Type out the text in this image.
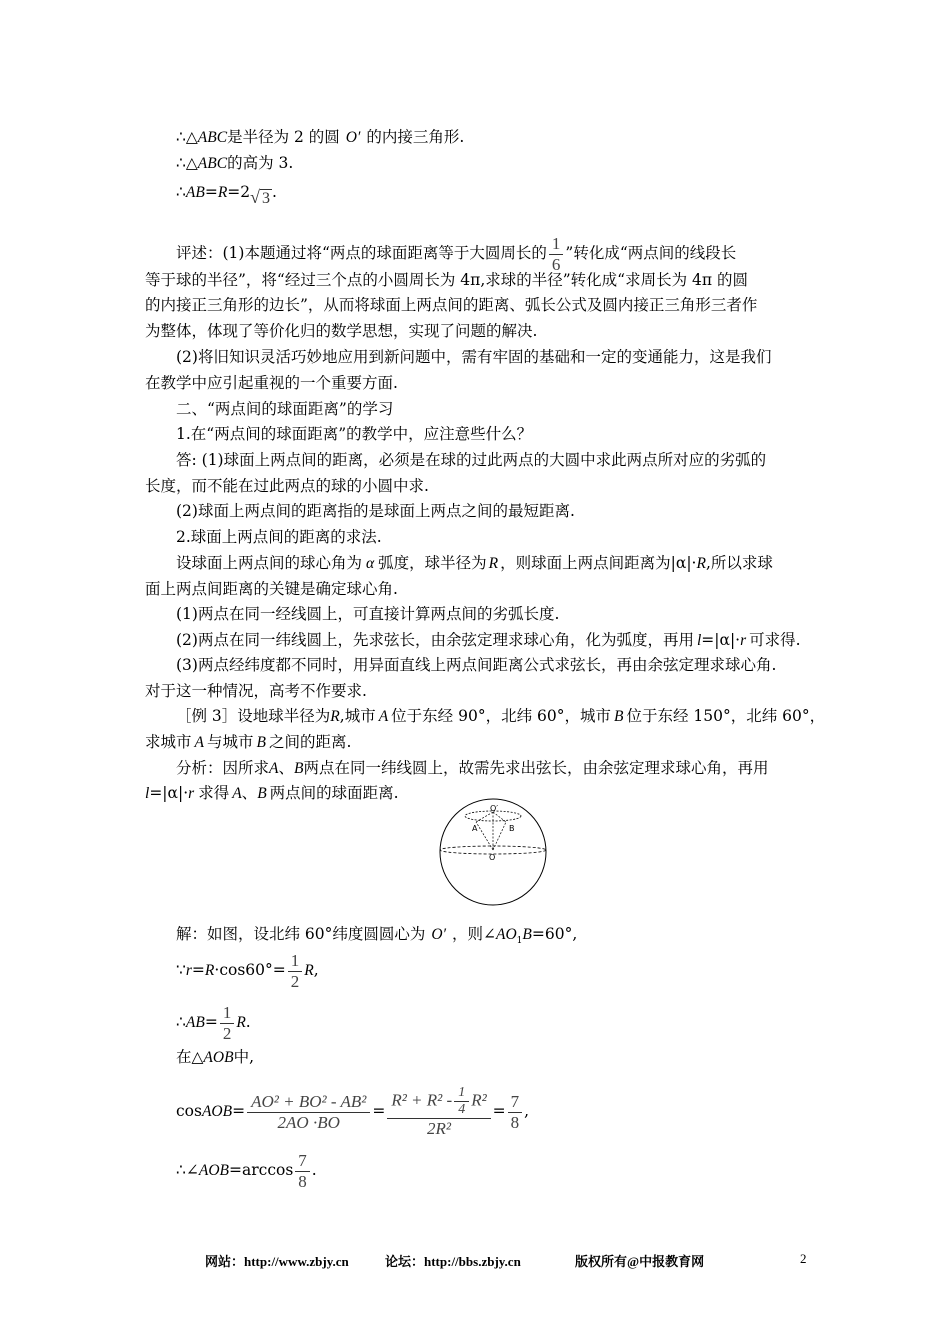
∴△ABC是半径为 2 的圆 O′ 的内接三角形.
∴△ABC的高为 3.
∴AB=R=2√ 3 .
评述：(1)本题通过将“两点的球面距离等于大圆周长的 $\frac{1}{6}$ ”转化成“两点间的线段长
等于球的半径”，将“经过三个点的小圆周长为 4π,求球的半径”转化成“求周长为 4π 的圆
的内接正三角形的边长”，从而将球面上两点间的距离、弧长公式及圆内接正三角形三者作
为整体，体现了等价化归的数学思想，实现了问题的解决.
(2)将旧知识灵活巧妙地应用到新问题中，需有牢固的基础和一定的变通能力，这是我们
在教学中应引起重视的一个重要方面.
二、“两点间的球面距离”的学习
1.在“两点间的球面距离”的教学中，应注意些什么？
答: (1)球面上两点间的距离，必须是在球的过此两点的大圆中求此两点所对应的劣弧的
长度，而不能在过此两点的球的小圆中求.
(2)球面上两点间的距离指的是球面上两点之间的最短距离.
2.球面上两点间的距离的求法.
设球面上两点间的球心角为 α 弧度，球半径为 R ，则球面上两点间距离为|α|·R,所以求球
面上两点间距离的关键是确定球心角.
(1)两点在同一经线圆上，可直接计算两点间的劣弧长度.
(2)两点在同一纬线圆上，先求弦长，由余弦定理求球心角，化为弧度，再用 l=|α|·r 可求得.
(3)两点经纬度都不同时，用异面直线上两点间距离公式求弦长，再由余弦定理求球心角.
对于这一种情况，高考不作要求.
［例 3］设地球半径为R,城市 A 位于东经 90°，北纬 60°，城市 B 位于东经 150°，北纬 60°，
求城市 A 与城市 B 之间的距离.
分析：因所求A、B两点在同一纬线圆上，故需先求出弦长，由余弦定理求球心角，再用
l=|α|·r 求得 A、B 两点间的球面距离.
O′
A	B
O
解：如图，设北纬 60°纬度圆圆心为 O′ ，则$\angle AO_1B=60^\circ$,
∵r=R·cos60°= $\frac{1}{2} R$,
∴AB= $\frac{1}{2} R$.
在△AOB中,
cosAOB= $\frac{\text{AO² + BO² - AB²}}{2AO \cdot BO} = \frac{R^2 + R^2 - \frac{1}{4} R^2}{\text{2R²}} = \frac{7}{8}$ ,
∴∠AOB=arccos $\frac{7}{8}$ .
网站：http://www.zbjy.cn	论坛：http://bbs.zbjy.cn	版权所有@中报教育网	2
